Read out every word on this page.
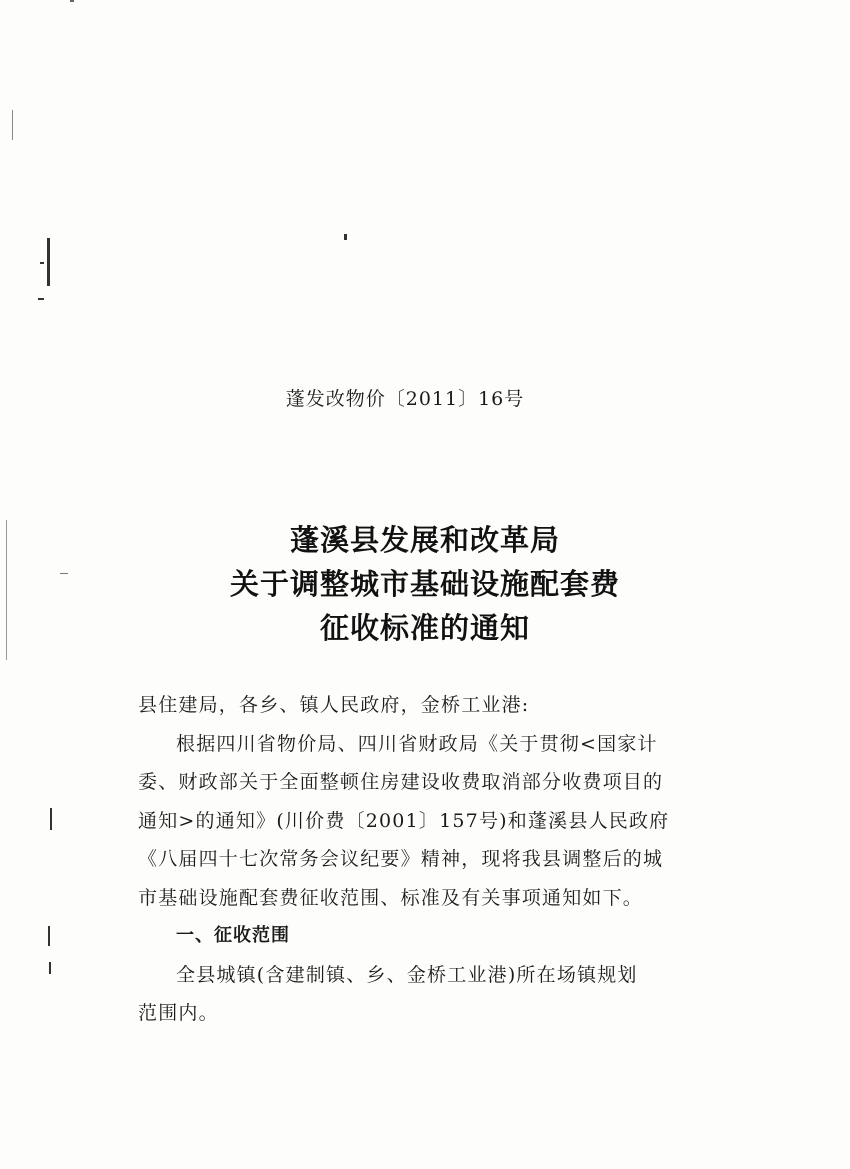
蓬发改物价〔2011〕16号
蓬溪县发展和改革局
关于调整城市基础设施配套费
征收标准的通知

县住建局，各乡、镇人民政府，金桥工业港:

根据四川省物价局、四川省财政局《关于贯彻<国家计

委、财政部关于全面整顿住房建设收费取消部分收费项目的

通知>的通知》(川价费〔2001〕157号)和蓬溪县人民政府

《八届四十七次常务会议纪要》精神，现将我县调整后的城

市基础设施配套费征收范围、标准及有关事项通知如下。

一、征收范围

全县城镇(含建制镇、乡、金桥工业港)所在场镇规划

范围内。
